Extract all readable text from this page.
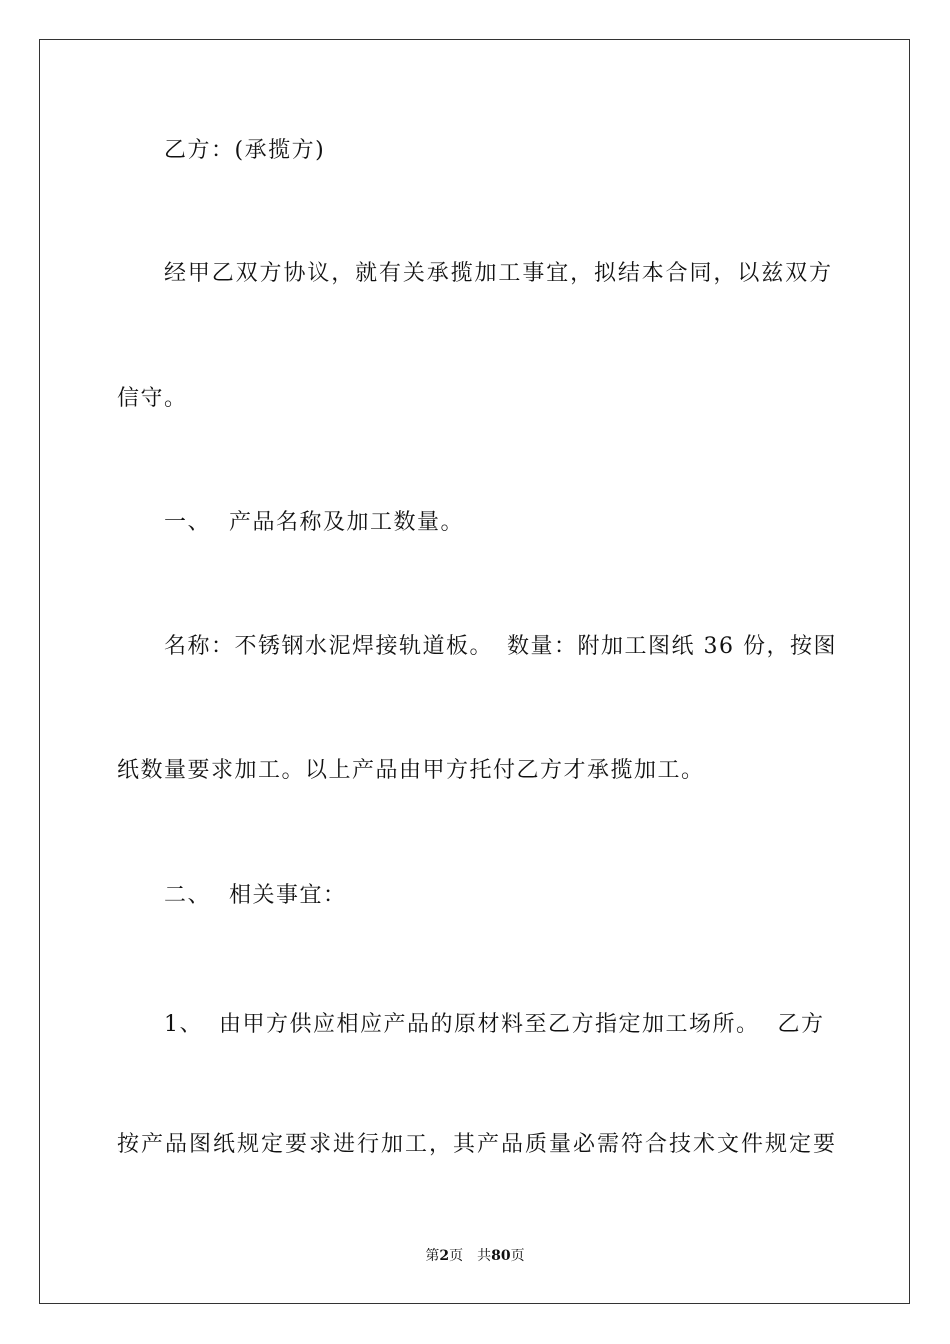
乙方：(承揽方)
经甲乙双方协议，就有关承揽加工事宜，拟结本合同，以兹双方
信守。
一、 产品名称及加工数量。
名称：不锈钢水泥焊接轨道板。 数量：附加工图纸 36 份，按图
纸数量要求加工。以上产品由甲方托付乙方才承揽加工。
二、 相关事宜：
1、 由甲方供应相应产品的原材料至乙方指定加工场所。 乙方
按产品图纸规定要求进行加工，其产品质量必需符合技术文件规定要
第2页 共80页
